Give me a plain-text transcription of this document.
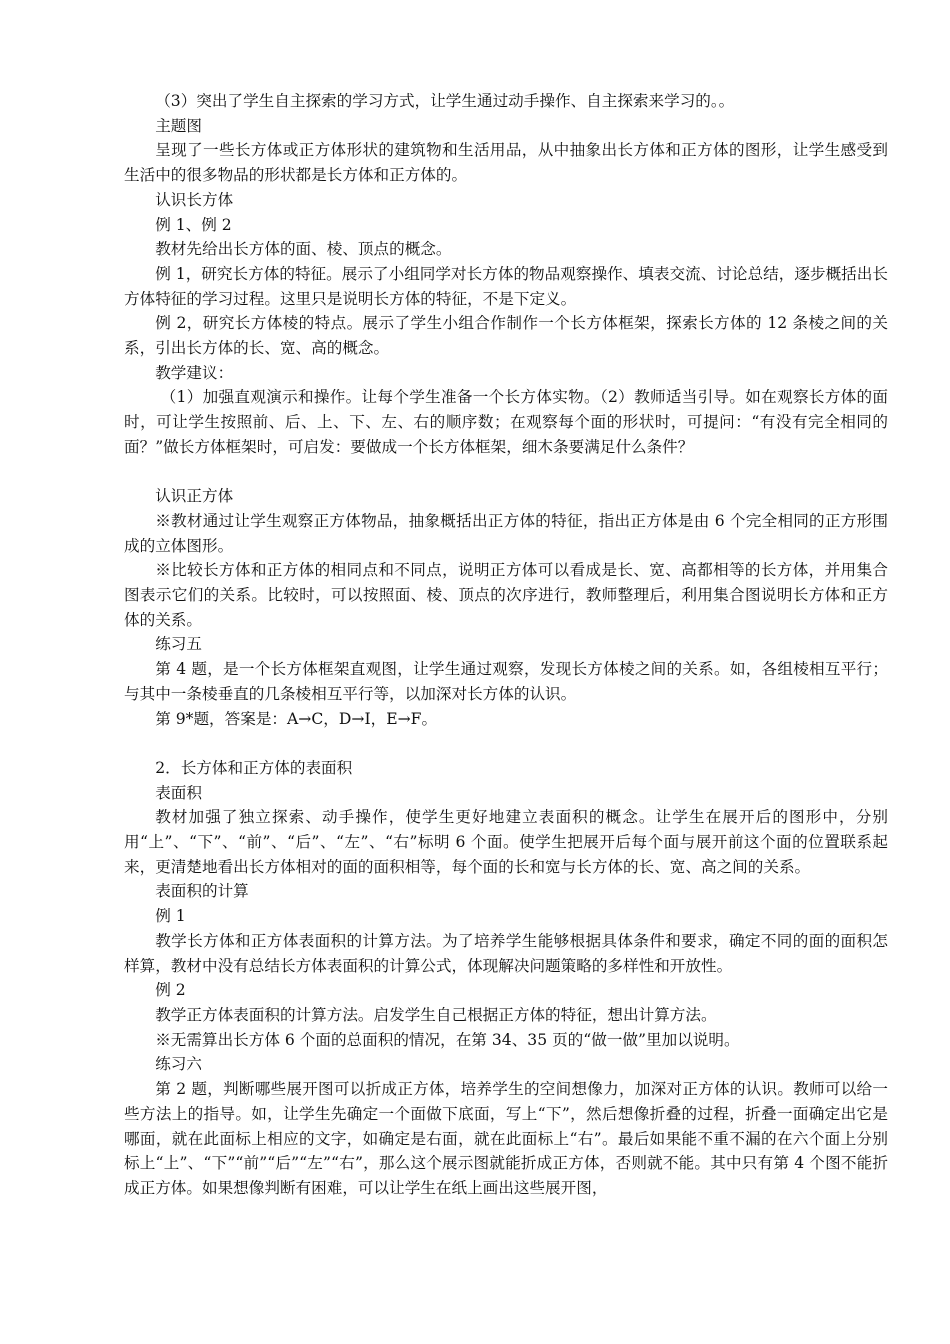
（3）突出了学生自主探索的学习方式，让学生通过动手操作、自主探索来学习的。。

主题图

呈现了一些长方体或正方体形状的建筑物和生活用品，从中抽象出长方体和正方体的图形，让学生感受到生活中的很多物品的形状都是长方体和正方体的。

认识长方体

例 1、例 2

教材先给出长方体的面、棱、顶点的概念。

例 1，研究长方体的特征。展示了小组同学对长方体的物品观察操作、填表交流、讨论总结，逐步概括出长方体特征的学习过程。这里只是说明长方体的特征，不是下定义。

例 2，研究长方体棱的特点。展示了学生小组合作制作一个长方体框架，探索长方体的 12 条棱之间的关系，引出长方体的长、宽、高的概念。

教学建议：

（1）加强直观演示和操作。让每个学生准备一个长方体实物。（2）教师适当引导。如在观察长方体的面时，可让学生按照前、后、上、下、左、右的顺序数；在观察每个面的形状时，可提问：“有没有完全相同的面？”做长方体框架时，可启发：要做成一个长方体框架，细木条要满足什么条件？

认识正方体

※教材通过让学生观察正方体物品，抽象概括出正方体的特征，指出正方体是由 6 个完全相同的正方形围成的立体图形。

※比较长方体和正方体的相同点和不同点，说明正方体可以看成是长、宽、高都相等的长方体，并用集合图表示它们的关系。比较时，可以按照面、棱、顶点的次序进行，教师整理后，利用集合图说明长方体和正方体的关系。

练习五

第 4 题，是一个长方体框架直观图，让学生通过观察，发现长方体棱之间的关系。如，各组棱相互平行；与其中一条棱垂直的几条棱相互平行等，以加深对长方体的认识。

第 9*题，答案是：A→C，D→I，E→F。

2．长方体和正方体的表面积

表面积

教材加强了独立探索、动手操作，使学生更好地建立表面积的概念。让学生在展开后的图形中，分别用“上”、“下”、“前”、“后”、“左”、“右”标明 6 个面。使学生把展开后每个面与展开前这个面的位置联系起来，更清楚地看出长方体相对的面的面积相等，每个面的长和宽与长方体的长、宽、高之间的关系。

表面积的计算

例 1

教学长方体和正方体表面积的计算方法。为了培养学生能够根据具体条件和要求，确定不同的面的面积怎样算，教材中没有总结长方体表面积的计算公式，体现解决问题策略的多样性和开放性。

例 2

教学正方体表面积的计算方法。启发学生自己根据正方体的特征，想出计算方法。

※无需算出长方体 6 个面的总面积的情况，在第 34、35 页的“做一做”里加以说明。

练习六

第 2 题，判断哪些展开图可以折成正方体，培养学生的空间想像力，加深对正方体的认识。教师可以给一些方法上的指导。如，让学生先确定一个面做下底面，写上“下”，然后想像折叠的过程，折叠一面确定出它是哪面，就在此面标上相应的文字，如确定是右面，就在此面标上“右”。最后如果能不重不漏的在六个面上分别标上“上”、“下”“前”“后”“左”“右”，那么这个展示图就能折成正方体，否则就不能。其中只有第 4 个图不能折成正方体。如果想像判断有困难，可以让学生在纸上画出这些展开图，
